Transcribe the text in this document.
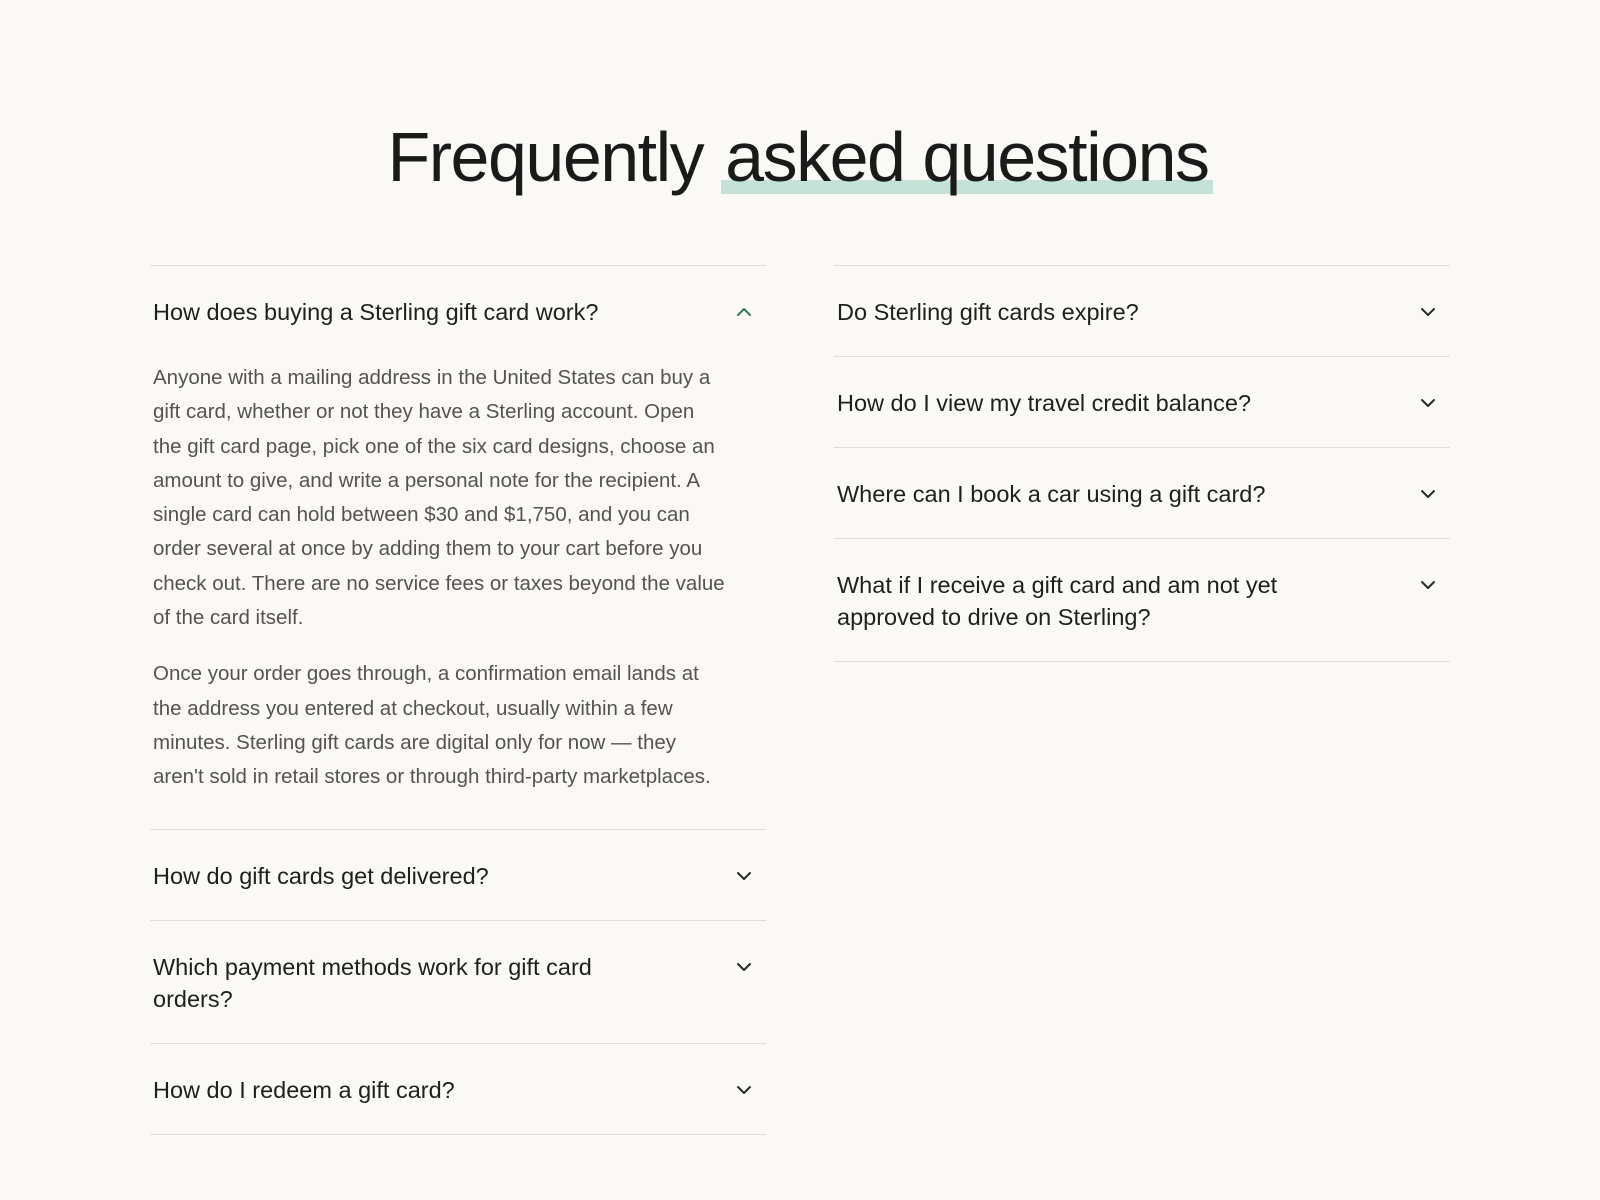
Frequently asked questions
How does buying a Sterling gift card work?

Anyone with a mailing address in the United States can buy a gift card, whether or not they have a Sterling account. Open the gift card page, pick one of the six card designs, choose an amount to give, and write a personal note for the recipient. A single card can hold between $30 and $1,750, and you can order several at once by adding them to your cart before you check out. There are no service fees or taxes beyond the value of the card itself.

Once your order goes through, a confirmation email lands at the address you entered at checkout, usually within a few minutes. Sterling gift cards are digital only for now — they aren't sold in retail stores or through third-party marketplaces.

How do gift cards get delivered?
Which payment methods work for gift card orders?
How do I redeem a gift card?
Do Sterling gift cards expire?
How do I view my travel credit balance?
Where can I book a car using a gift card?
What if I receive a gift card and am not yet approved to drive on Sterling?
